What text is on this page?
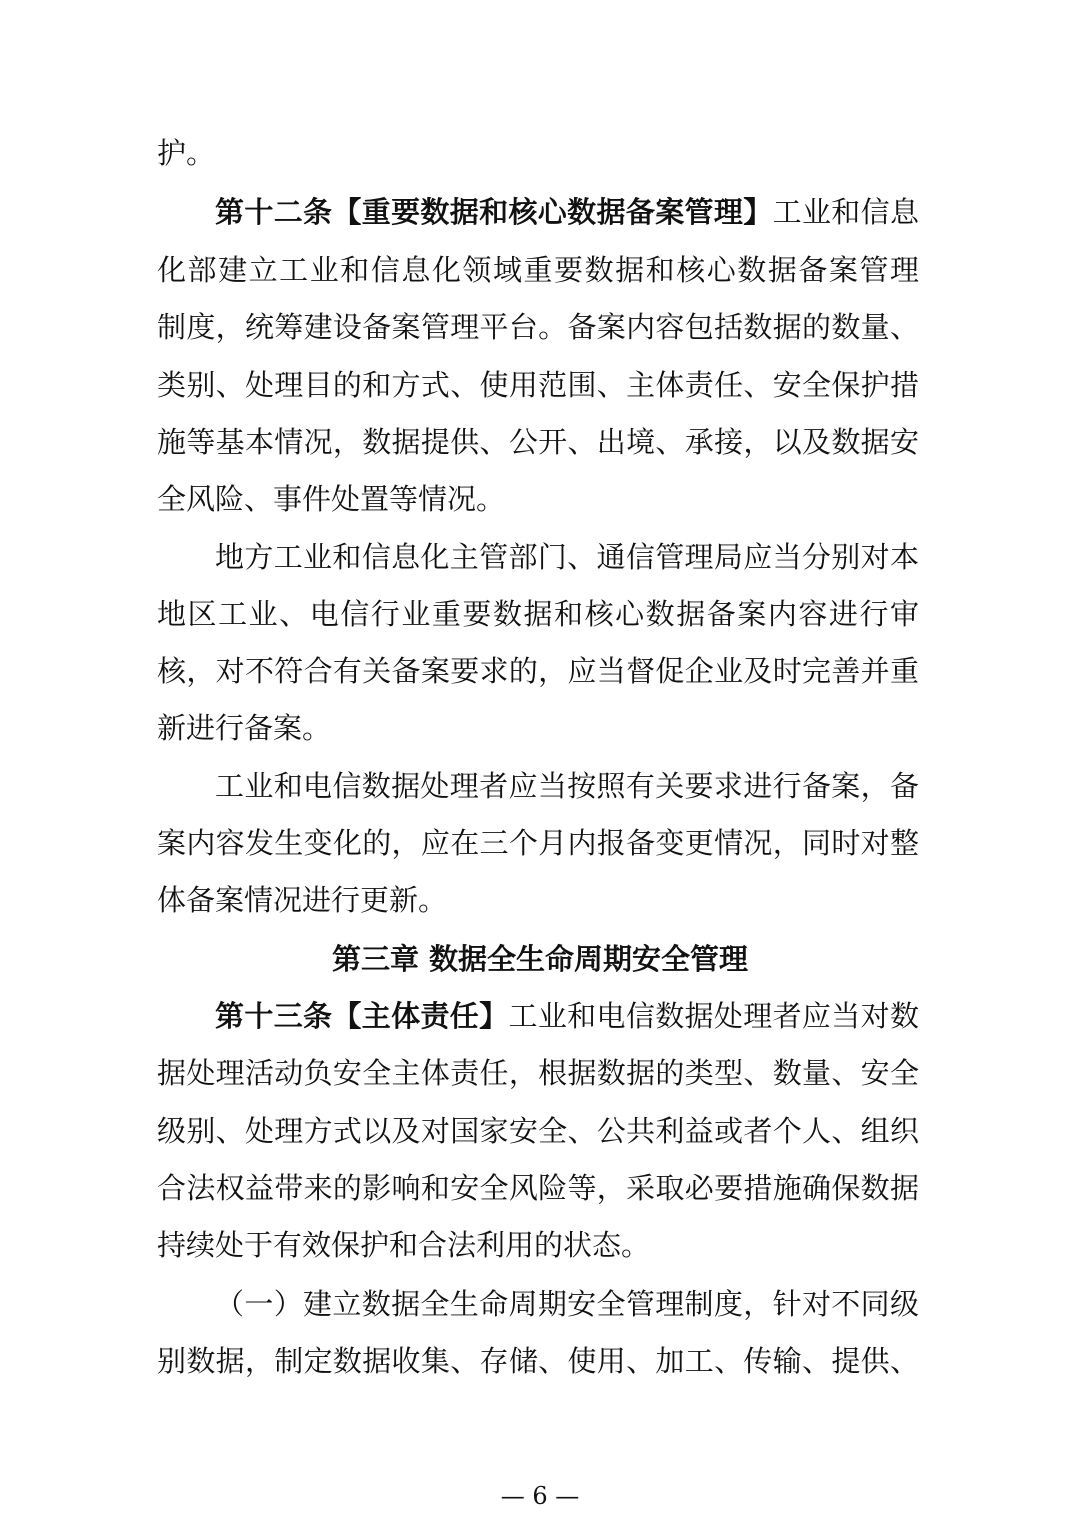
护。
第十二条【重要数据和核心数据备案管理】工业和信息
化部建立工业和信息化领域重要数据和核心数据备案管理
制度，统筹建设备案管理平台。备案内容包括数据的数量、
类别、处理目的和方式、使用范围、主体责任、安全保护措
施等基本情况，数据提供、公开、出境、承接，以及数据安
全风险、事件处置等情况。
地方工业和信息化主管部门、通信管理局应当分别对本
地区工业、电信行业重要数据和核心数据备案内容进行审
核，对不符合有关备案要求的，应当督促企业及时完善并重
新进行备案。
工业和电信数据处理者应当按照有关要求进行备案，备
案内容发生变化的，应在三个月内报备变更情况，同时对整
体备案情况进行更新。
第三章 数据全生命周期安全管理
第十三条【主体责任】工业和电信数据处理者应当对数
据处理活动负安全主体责任，根据数据的类型、数量、安全
级别、处理方式以及对国家安全、公共利益或者个人、组织
合法权益带来的影响和安全风险等，采取必要措施确保数据
持续处于有效保护和合法利用的状态。
（一）建立数据全生命周期安全管理制度，针对不同级
别数据，制定数据收集、存储、使用、加工、传输、提供、
— 6 —
